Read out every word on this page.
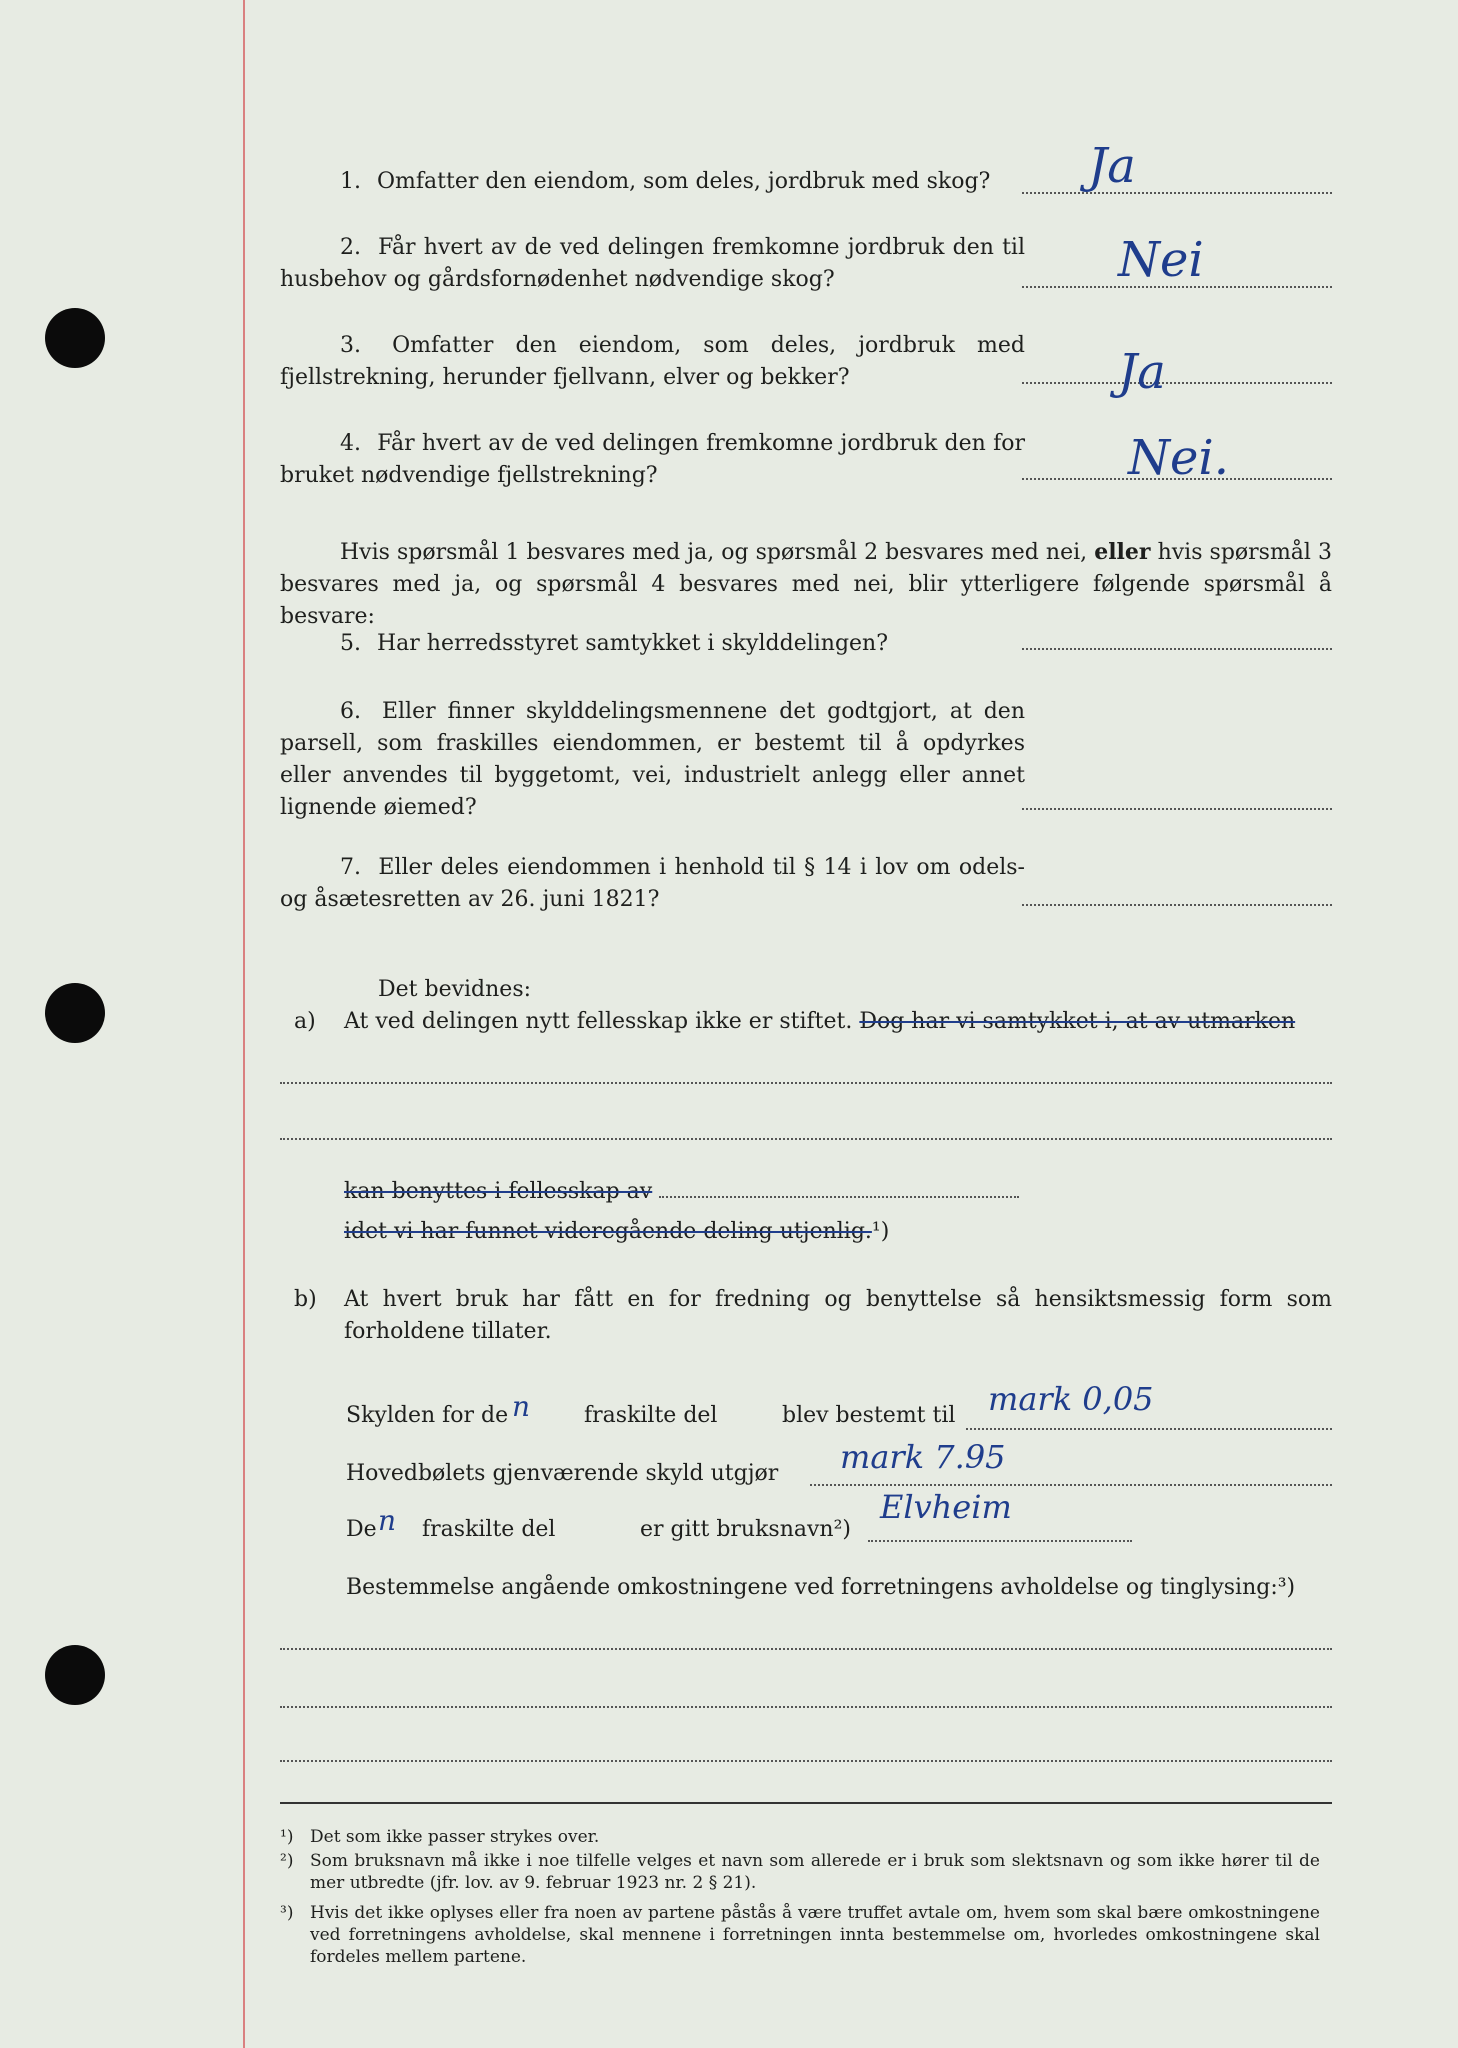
1. Omfatter den eiendom, som deles, jordbruk med skog?	Ja
2. Får hvert av de ved delingen fremkomne jordbruk den til husbehov og gårdsfornødenhet nødvendige skog?	Nei
3. Omfatter den eiendom, som deles, jordbruk med fjellstrekning, herunder fjellvann, elver og bekker?	Ja
4. Får hvert av de ved delingen fremkomne jordbruk den for bruket nødvendige fjellstrekning?	Nei.
Hvis spørsmål 1 besvares med ja, og spørsmål 2 besvares med nei, eller hvis spørsmål 3 besvares med ja, og spørsmål 4 besvares med nei, blir ytterligere følgende spørsmål å besvare:
5. Har herredsstyret samtykket i skylddelingen?
6. Eller finner skylddelingsmennene det godtgjort, at den parsell, som fraskilles eiendommen, er bestemt til å opdyrkes eller anvendes til byggetomt, vei, industrielt anlegg eller annet lignende øiemed?
7. Eller deles eiendommen i henhold til § 14 i lov om odels- og åsætesretten av 26. juni 1821?
Det bevidnes:
a) At ved delingen nytt fellesskap ikke er stiftet. Dog har vi samtykket i, at av utmarken
kan benyttes i fellesskap av
idet vi har funnet videregående deling utjenlig.¹)
b) At hvert bruk har fått en for fredning og benyttelse så hensiktsmessig form som forholdene tillater.
Skylden for de n fraskilte del	blev bestemt til mark 0,05
Hovedbølets gjenværende skyld utgjør mark 7.95
De n fraskilte del	er gitt bruksnavn²)
Elvheim
Bestemmelse angående omkostningene ved forretningens avholdelse og tinglysing:³)
¹) Det som ikke passer strykes over.
²) Som bruksnavn må ikke i noe tilfelle velges et navn som allerede er i bruk som slektsnavn og som ikke hører til de mer utbredte (jfr. lov. av 9. februar 1923 nr. 2 § 21).
³) Hvis det ikke oplyses eller fra noen av partene påstås å være truffet avtale om, hvem som skal bære omkostningene ved forretningens avholdelse, skal mennene i forretningen innta bestemmelse om, hvorledes omkostningene skal fordeles mellem partene.
